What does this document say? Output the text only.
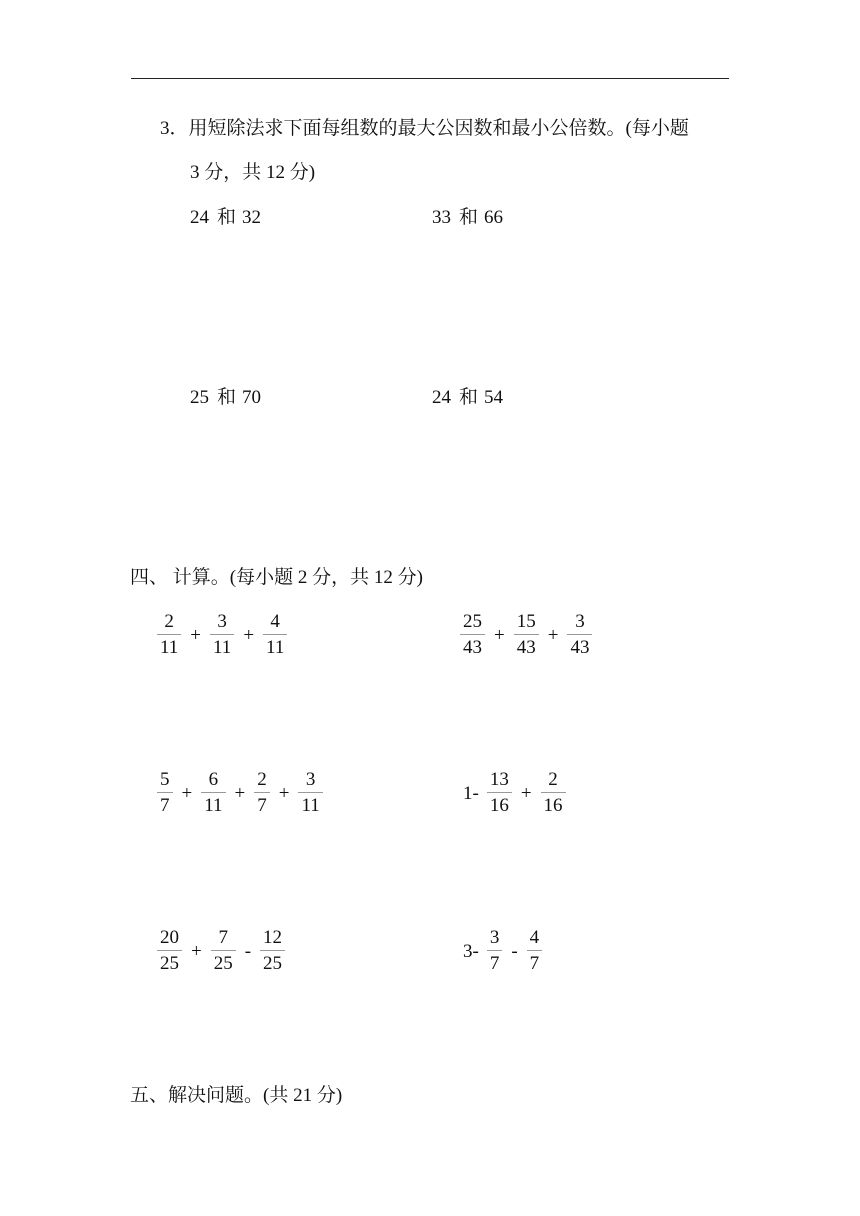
3．用短除法求下面每组数的最大公因数和最小公倍数。(每小题
3 分，共 12 分)
24 和 32	33 和 66
25 和 70	24 和 54
四、 计算。(每小题 2 分，共 12 分)
$\frac{2}{11} + \frac{3}{11} + \frac{4}{11}$	$\frac{25}{43} + \frac{15}{43} + \frac{3}{43}$
$\frac{5}{7} + \frac{6}{11} + \frac{2}{7} + \frac{3}{11}$	$1- \frac{13}{16} + \frac{2}{16}$
$\frac{20}{25} + \frac{7}{25} - \frac{12}{25}$	$3- \frac{3}{7} - \frac{4}{7}$
五、解决问题。(共 21 分)
